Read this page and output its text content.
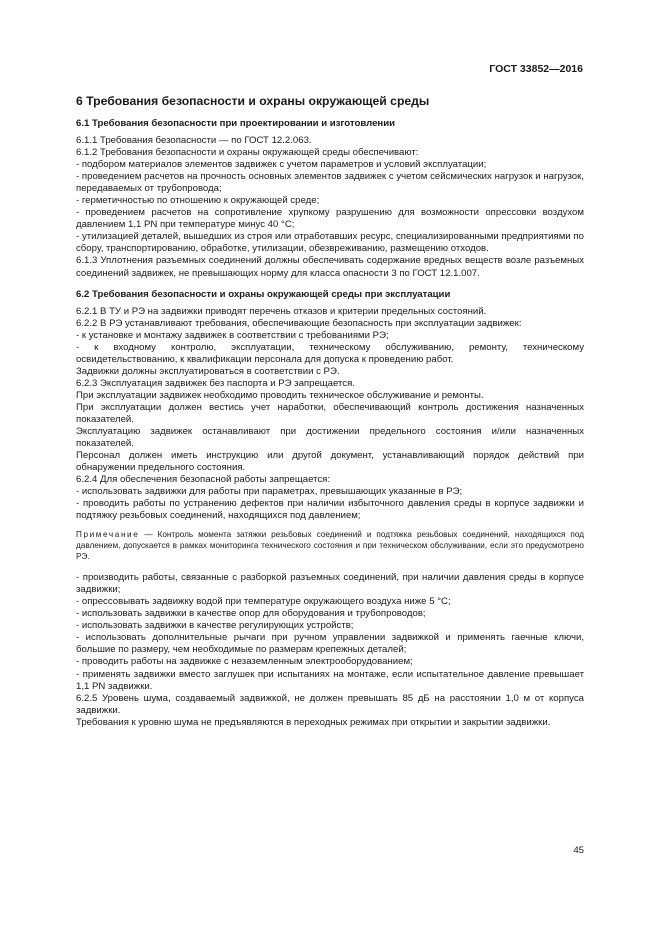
ГОСТ 33852—2016
6 Требования безопасности и охраны окружающей среды
6.1 Требования безопасности при проектировании и изготовлении

6.1.1 Требования безопасности — по ГОСТ 12.2.063.

6.1.2 Требования безопасности и охраны окружающей среды обеспечивают:

- подбором материалов элементов задвижек с учетом параметров и условий эксплуатации;

- проведением расчетов на прочность основных элементов задвижек с учетом сейсмических нагрузок и нагрузок, передаваемых от трубопровода;

- герметичностью по отношению к окружающей среде;

- проведением расчетов на сопротивление хрупкому разрушению для возможности опрессовки воздухом давлением 1,1 PN при температуре минус 40 °С;

- утилизацией деталей, вышедших из строя или отработавших ресурс, специализированными предприятиями по сбору, транспортированию, обработке, утилизации, обезвреживанию, размещению отходов.

6.1.3 Уплотнения разъемных соединений должны обеспечивать содержание вредных веществ возле разъемных соединений задвижек, не превышающих норму для класса опасности 3 по ГОСТ 12.1.007.

6.2 Требования безопасности и охраны окружающей среды при эксплуатации

6.2.1 В ТУ и РЭ на задвижки приводят перечень отказов и критерии предельных состояний.

6.2.2 В РЭ устанавливают требования, обеспечивающие безопасность при эксплуатации задвижек:

- к установке и монтажу задвижек в соответствии с требованиями РЭ;

- к входному контролю, эксплуатации, техническому обслуживанию, ремонту, техническому освидетельствованию, к квалификации персонала для допуска к проведению работ.

Задвижки должны эксплуатироваться в соответствии с РЭ.

6.2.3 Эксплуатация задвижек без паспорта и РЭ запрещается.

При эксплуатации задвижек необходимо проводить техническое обслуживание и ремонты.

При эксплуатации должен вестись учет наработки, обеспечивающий контроль достижения назначенных показателей.

Эксплуатацию задвижек останавливают при достижении предельного состояния и/или назначенных показателей.

Персонал должен иметь инструкцию или другой документ, устанавливающий порядок действий при обнаружении предельного состояния.

6.2.4 Для обеспечения безопасной работы запрещается:

- использовать задвижки для работы при параметрах, превышающих указанные в РЭ;

- проводить работы по устранению дефектов при наличии избыточного давления среды в корпусе задвижки и подтяжку резьбовых соединений, находящихся под давлением;

Примечание — Контроль момента затяжки резьбовых соединений и подтяжка резьбовых соединений, находящихся под давлением, допускается в рамках мониторинга технического состояния и при техническом обслуживании, если это предусмотрено РЭ.

- производить работы, связанные с разборкой разъемных соединений, при наличии давления среды в корпусе задвижки;

- опрессовывать задвижку водой при температуре окружающего воздуха ниже 5 °С;

- использовать задвижки в качестве опор для оборудования и трубопроводов;

- использовать задвижки в качестве регулирующих устройств;

- использовать дополнительные рычаги при ручном управлении задвижкой и применять гаечные ключи, большие по размеру, чем необходимые по размерам крепежных деталей;

- проводить работы на задвижке с незаземленным электрооборудованием;

- применять задвижки вместо заглушек при испытаниях на монтаже, если испытательное давление превышает 1,1 PN задвижки.

6.2.5 Уровень шума, создаваемый задвижкой, не должен превышать 85 дБ на расстоянии 1,0 м от корпуса задвижки.

Требования к уровню шума не предъявляются в переходных режимах при открытии и закрытии задвижки.

45
